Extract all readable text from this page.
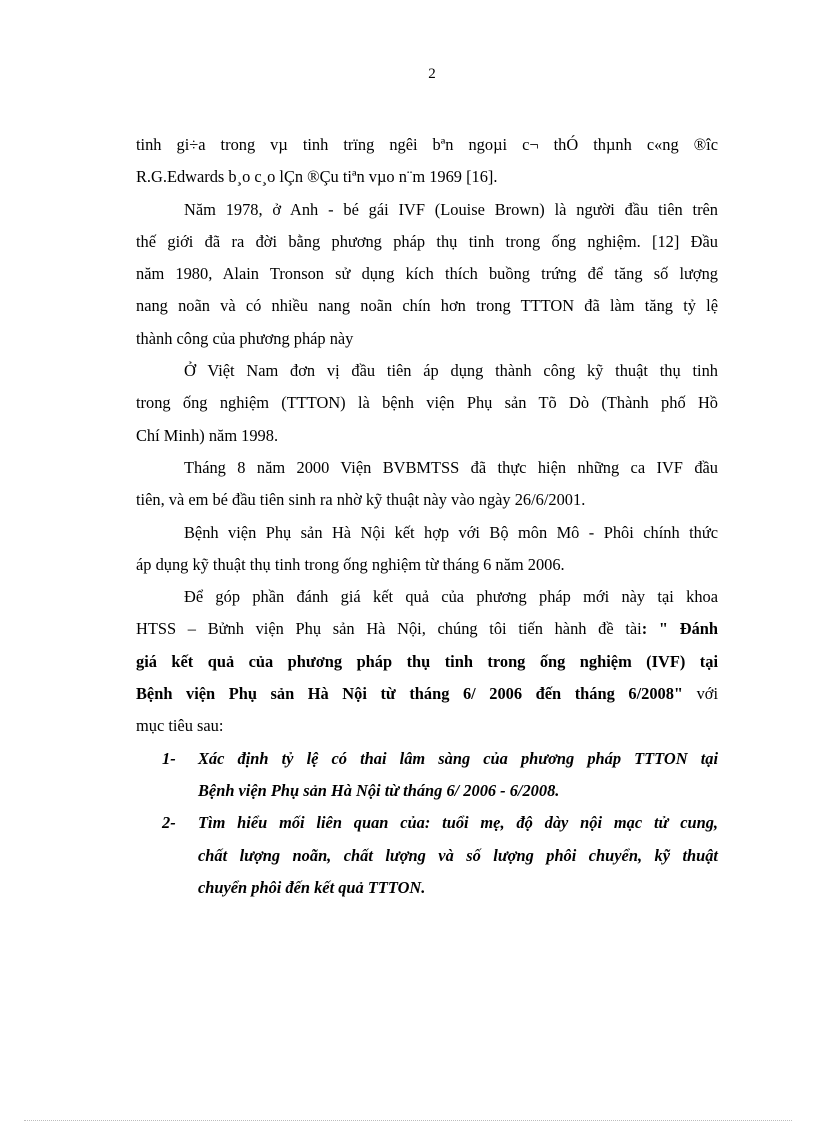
2

tinh gi÷a trong vµ tinh trïng ngêi bªn ngoµi c¬ thÓ thµnh c«ng ®îc
R.G.Edwards b¸o c¸o lÇn ®Çu tiªn vµo n¨m 1969 [16].

Năm 1978, ở Anh - bé gái IVF (Louise Brown) là người đầu tiên trên
thế giới đã ra đời bằng phương pháp thụ tinh trong ống nghiệm. [12] Đầu
năm 1980, Alain Tronson sử dụng kích thích buồng trứng để tăng số lượng
nang noãn và có nhiều nang noãn chín hơn trong TTTON đã làm tăng tỷ lệ
thành công của phương pháp này

Ở Việt Nam đơn vị đầu tiên áp dụng thành công kỹ thuật thụ tinh
trong ống nghiệm (TTTON) là bệnh viện Phụ sản Tõ Dò (Thành phố Hồ
Chí Minh) năm 1998.

Tháng 8 năm 2000 Viện BVBMTSS đã thực hiện những ca IVF đầu
tiên, và em bé đầu tiên sinh ra nhờ kỹ thuật này vào ngày 26/6/2001.

Bệnh viện Phụ sản Hà Nội kết hợp với Bộ môn Mô - Phôi chính thức
áp dụng kỹ thuật thụ tinh trong ống nghiệm từ tháng 6 năm 2006.

Để góp phần đánh giá kết quả của phương pháp mới này tại khoa
HTSS – Bửnh viện Phụ sản Hà Nội, chúng tôi tiến hành đề tài: " Đánh
giá kết quả của phương pháp thụ tinh trong ống nghiệm (IVF) tại
Bệnh viện Phụ sản Hà Nội từ tháng 6/ 2006 đến tháng 6/2008" với
mục tiêu sau:

1- Xác định tỷ lệ có thai lâm sàng của phương pháp TTTON tại
Bệnh viện Phụ sản Hà Nội từ tháng 6/ 2006 - 6/2008.
2- Tìm hiểu mối liên quan của: tuổi mẹ, độ dày nội mạc tử cung,
chất lượng noãn, chất lượng và số lượng phôi chuyển, kỹ thuật
chuyển phôi đến kết quả TTTON.
